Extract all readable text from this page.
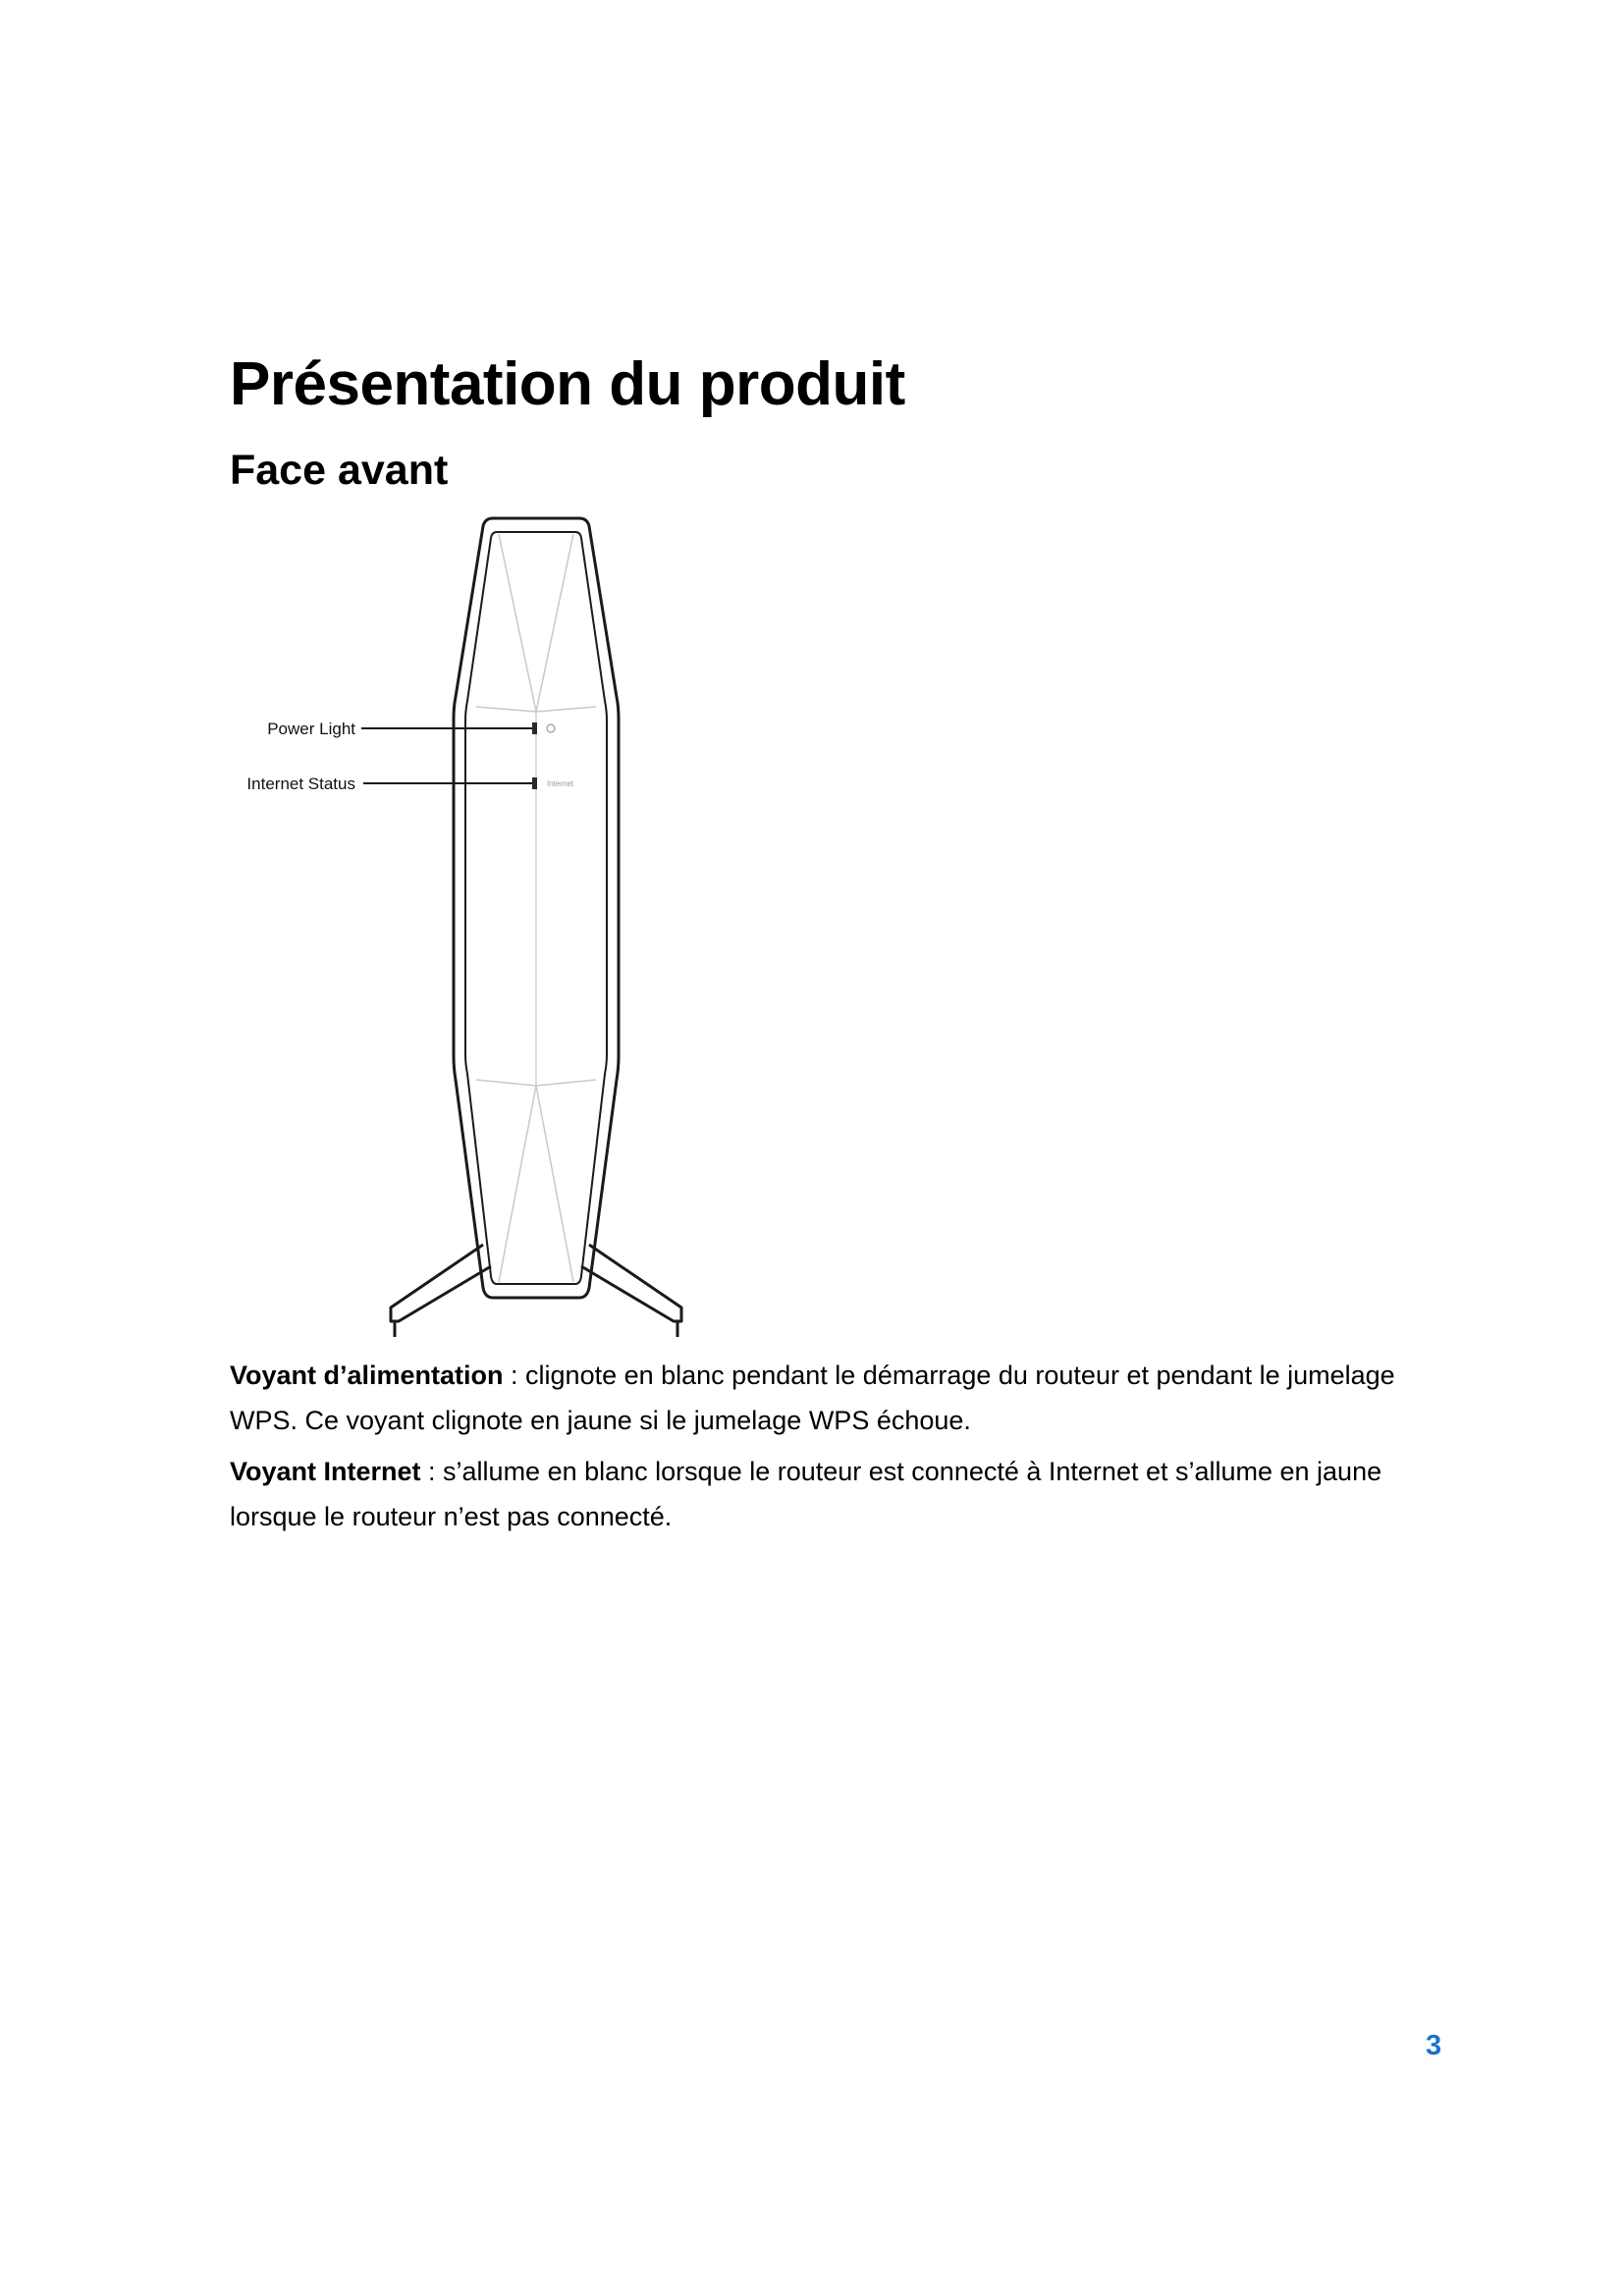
Présentation du produit
Face avant
Internet
Power Light
Internet Status

Voyant d’alimentation : clignote en blanc pendant le démarrage du routeur et pendant le jumelage WPS. Ce voyant clignote en jaune si le jumelage WPS échoue.

Voyant Internet : s’allume en blanc lorsque le routeur est connecté à Internet et s’allume en jaune lorsque le routeur n’est pas connecté.

3
